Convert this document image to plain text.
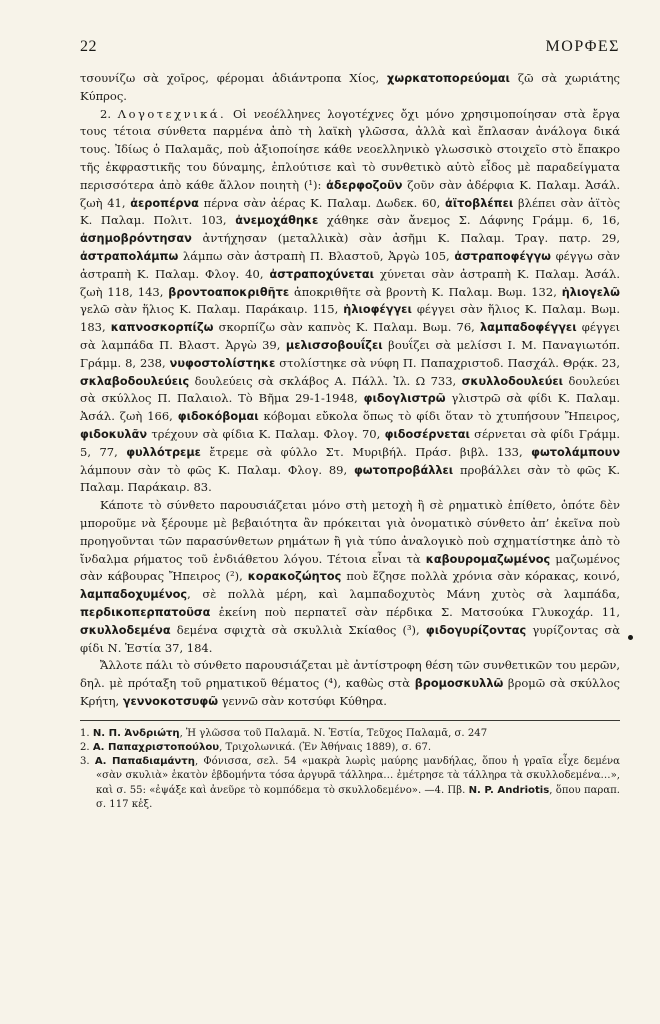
22	ΜΟΡΦΕΣ

τσουνίζω σὰ χοῖρος, φέρομαι ἀδιάντροπα Χίος, χωρκατοπορεύομαι ζῶ σὰ χωριάτης Κύπρος.

2. Λογοτεχνικά. Οἱ νεοέλληνες λογοτέχνες ὄχι μόνο χρησιμοποίησαν στὰ ἔργα τους τέτοια σύνθετα παρμένα ἀπὸ τὴ λαϊκὴ γλῶσσα, ἀλλὰ καὶ ἔπλασαν ἀνάλογα δικά τους. Ἰδίως ὁ Παλαμᾶς, ποὺ ἀξιοποίησε κάθε νεοελληνικὸ γλωσσικὸ στοιχεῖο στὸ ἔπακρο τῆς ἐκφραστικῆς του δύναμης, ἐπλούτισε καὶ τὸ συνθετικὸ αὐτὸ εἶδος μὲ παραδείγματα περισσότερα ἀπὸ κάθε ἄλλον ποιητὴ (¹): ἀδερφοζοῦν ζοῦν σὰν ἀδέρφια Κ. Παλαμ. Ἀσάλ. ζωὴ 41, ἀεροπέρνα πέρνα σὰν ἀέρας Κ. Παλαμ. Δωδεκ. 60, ἀϊτοβλέπει βλέπει σὰν ἀϊτὸς Κ. Παλαμ. Πολιτ. 103, ἀνεμοχάθηκε χάθηκε σὰν ἄνεμος Σ. Δάφνης Γράμμ. 6, 16, ἀσημοβρόντησαν ἀντήχησαν (μεταλλικὰ) σὰν ἀσῆμι Κ. Παλαμ. Τραγ. πατρ. 29, ἀστραπολάμπω λάμπω σὰν ἀστραπὴ Π. Βλαστοῦ, Ἀργὼ 105, ἀστραποφέγγω φέγγω σὰν ἀστραπὴ Κ. Παλαμ. Φλογ. 40, ἀστραποχύνεται χύνεται σὰν ἀστραπὴ Κ. Παλαμ. Ἀσάλ. ζωὴ 118, 143, βροντοαποκριθῆτε ἀποκριθῆτε σὰ βροντὴ Κ. Παλαμ. Βωμ. 132, ἡλιογελῶ γελῶ σὰν ἥλιος Κ. Παλαμ. Παράκαιρ. 115, ἡλιοφέγγει φέγγει σὰν ἥλιος Κ. Παλαμ. Βωμ. 183, καπνοσκορπίζω σκορπίζω σὰν καπνὸς Κ. Παλαμ. Βωμ. 76, λαμπαδοφέγγει φέγγει σὰ λαμπάδα Π. Βλαστ. Ἀργὼ 39, μελισσοβουΐζει βουΐζει σὰ μελίσσι Ι. Μ. Παναγιωτόπ. Γράμμ. 8, 238, νυφοστολίστηκε στολίστηκε σὰ νύφη Π. Παπαχριστοδ. Πασχάλ. Θρᾴκ. 23, σκλαβοδουλεύεις δουλεύεις σὰ σκλάβος Α. Πάλλ. Ἰλ. Ω 733, σκυλλοδουλεύει δουλεύει σὰ σκύλλος Π. Παλαιολ. Τὸ Βῆμα 29-1-1948, φιδογλιστρῶ γλιστρῶ σὰ φίδι Κ. Παλαμ. Ἀσάλ. ζωὴ 166, φιδοκόβομαι κόβομαι εὔκολα ὅπως τὸ φίδι ὅταν τὸ χτυπήσουν Ἤπειρος, φιδοκυλᾶν τρέχουν σὰ φίδια Κ. Παλαμ. Φλογ. 70, φιδοσέρνεται σέρνεται σὰ φίδι Γράμμ. 5, 77, φυλλότρεμε ἔτρεμε σὰ φύλλο Στ. Μυριβήλ. Πράσ. βιβλ. 133, φωτολάμπουν λάμπουν σὰν τὸ φῶς Κ. Παλαμ. Φλογ. 89, φωτοπροβάλλει προβάλλει σὰν τὸ φῶς Κ. Παλαμ. Παράκαιρ. 83.

Κάποτε τὸ σύνθετο παρουσιάζεται μόνο στὴ μετοχὴ ἢ σὲ ρηματικὸ ἐπίθετο, ὁπότε δὲν μποροῦμε νὰ ξέρουμε μὲ βεβαιότητα ἂν πρόκειται γιὰ ὀνοματικὸ σύνθετο ἀπ’ ἐκεῖνα ποὺ προηγοῦνται τῶν παρασύνθετων ρημάτων ἢ γιὰ τύπο ἀναλογικὸ ποὺ σχηματίστηκε ἀπὸ τὸ ἴνδαλμα ρήματος τοῦ ἐνδιάθετου λόγου. Τέτοια εἶναι τὰ καβουρομαζωμένος μαζωμένος σὰν κάβουρας Ἤπειρος (²), κορακοζώητος ποὺ ἔζησε πολλὰ χρόνια σὰν κόρακας, κοινό, λαμπαδοχυμένος, σὲ πολλὰ μέρη, καὶ λαμπαδοχυτὸς Μάνη χυτὸς σὰ λαμπάδα, περδικοπερπατοῦσα ἐκείνη ποὺ περπατεῖ σὰν πέρδικα Σ. Ματσούκα Γλυκοχάρ. 11, σκυλλοδεμένα δεμένα σφιχτὰ σὰ σκυλλιὰ Σκίαθος (³), φιδογυρίζοντας γυρίζοντας σὰ φίδι Ν. Ἑστία 37, 184.

Ἄλλοτε πάλι τὸ σύνθετο παρουσιάζεται μὲ ἀντίστροφη θέση τῶν συνθετικῶν του μερῶν, δηλ. μὲ πρόταξη τοῦ ρηματικοῦ θέματος (⁴), καθὼς στὰ βρομοσκυλλῶ βρομῶ σὰ σκύλλος Κρήτη, γεννοκοτσυφῶ γεννῶ σὰν κοτσύφι Κύθηρα.

1. Ν. Π. Ἀνδριώτη, Ἡ γλῶσσα τοῦ Παλαμᾶ. Ν. Ἑστία, Τεῦχος Παλαμᾶ, σ. 247

2. Α. Παπαχριστοπούλου, Τριχολωνικά. (Ἐν Ἀθήναις 1889), σ. 67.

3. Α. Παπαδιαμάντη, Φόνισσα, σελ. 54 «μακρὰ λωρὶς μαύρης μανδήλας, ὅπου ἡ γραῖα εἶχε δεμένα «σὰν σκυλιὰ» ἑκατὸν ἑβδομήντα τόσα ἀργυρᾶ τάλληρα… ἐμέτρησε τὰ τάλληρα τὰ σκυλλοδεμένα…», καὶ σ. 55: «ἐψάξε καὶ ἀνεῦρε τὸ κομπόδεμα τὸ σκυλλοδεμένο». —4. Πβ. N. P. Andriotis, ὅπου παραπ. σ. 117 κἑξ.
